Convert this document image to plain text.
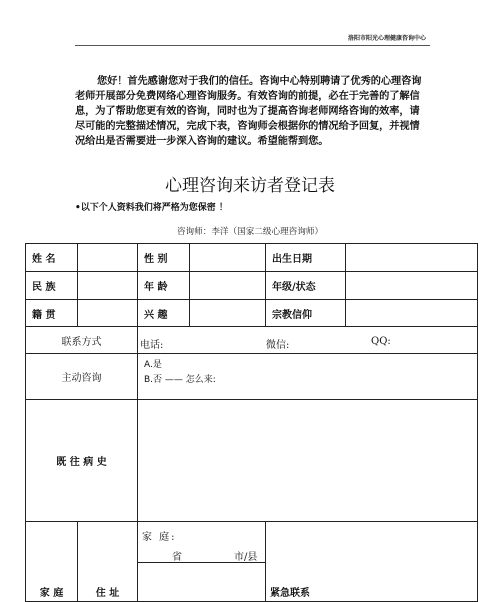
洛阳市阳光心理健康咨询中心

您好！首先感谢您对于我们的信任。咨询中心特别聘请了优秀的心理咨询老师开展部分免费网络心理咨询服务。有效咨询的前提，必在于完善的了解信息，为了帮助您更有效的咨询，同时也为了提高咨询老师网络咨询的效率，请尽可能的完整描述情况，完成下表，咨询师会根据你的情况给予回复，并视情况给出是否需要进一步深入咨询的建议。希望能帮到您。

心理咨询来访者登记表
•以下个人资料我们将严格为您保密 ！
咨询师：李洋（国家二级心理咨询师）
姓 名		性 别		出生日期	
民 族		年 龄		年级/状态	
籍 贯		兴 趣		宗教信仰	
联系方式		电话: 微信: QQ:			

主动咨询		A.是
B.否 —— 怎么来:			

既 往 病 史					
家 庭	住 址	家 庭:
省 市/县		紧急联系	
